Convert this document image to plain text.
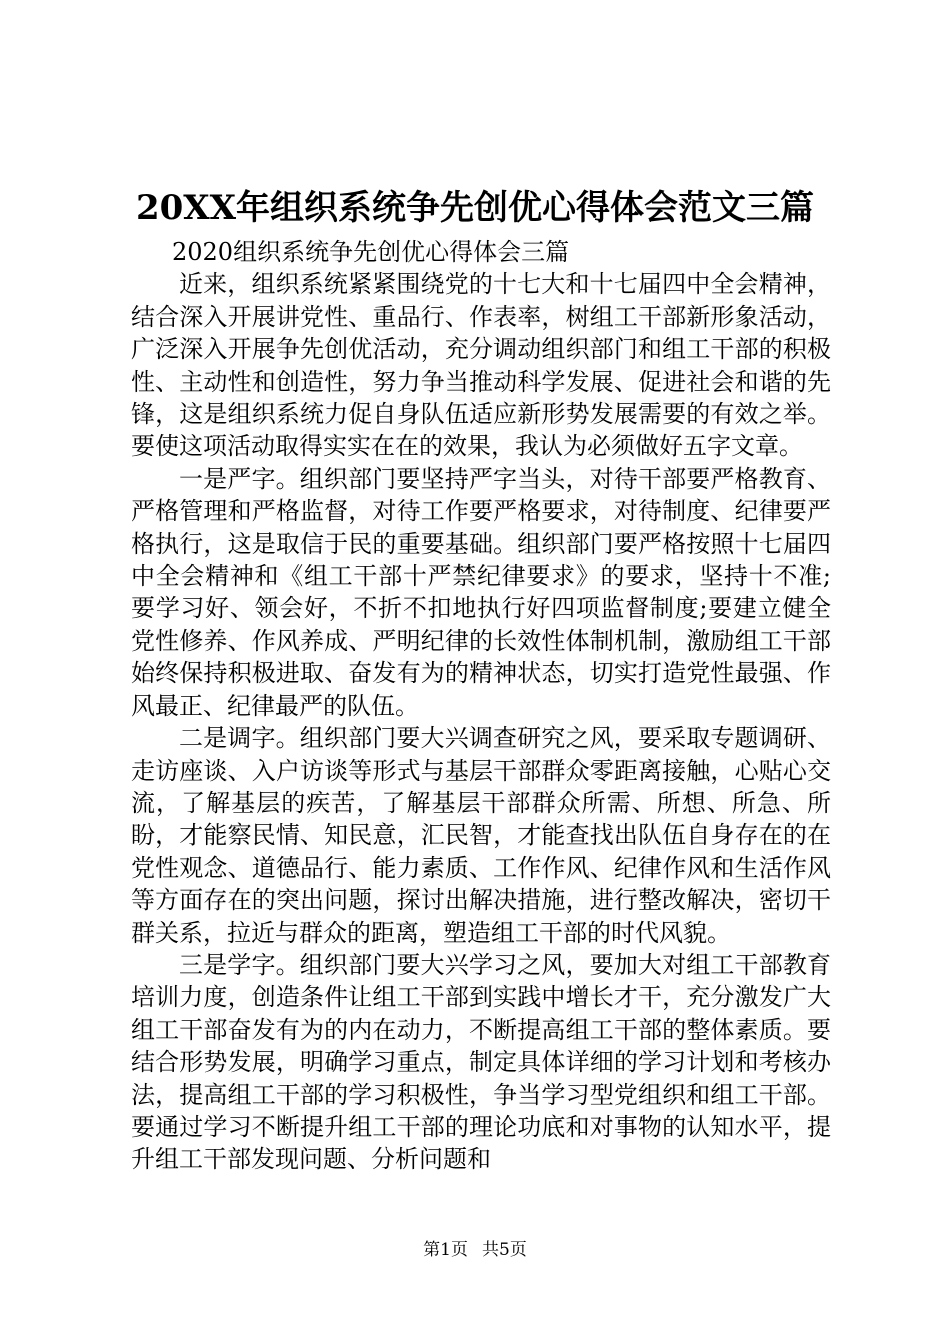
20XX年组织系统争先创优心得体会范文三篇

2020组织系统争先创优心得体会三篇

近来，组织系统紧紧围绕党的十七大和十七届四中全会精神，结合深入开展讲党性、重品行、作表率，树组工干部新形象活动，广泛深入开展争先创优活动，充分调动组织部门和组工干部的积极性、主动性和创造性，努力争当推动科学发展、促进社会和谐的先锋，这是组织系统力促自身队伍适应新形势发展需要的有效之举。要使这项活动取得实实在在的效果，我认为必须做好五字文章。

一是严字。组织部门要坚持严字当头，对待干部要严格教育、严格管理和严格监督，对待工作要严格要求，对待制度、纪律要严格执行，这是取信于民的重要基础。组织部门要严格按照十七届四中全会精神和《组工干部十严禁纪律要求》的要求，坚持十不准;要学习好、领会好，不折不扣地执行好四项监督制度;要建立健全党性修养、作风养成、严明纪律的长效性体制机制，激励组工干部始终保持积极进取、奋发有为的精神状态，切实打造党性最强、作风最正、纪律最严的队伍。

二是调字。组织部门要大兴调查研究之风，要采取专题调研、走访座谈、入户访谈等形式与基层干部群众零距离接触，心贴心交流，了解基层的疾苦，了解基层干部群众所需、所想、所急、所盼，才能察民情、知民意，汇民智，才能查找出队伍自身存在的在党性观念、道德品行、能力素质、工作作风、纪律作风和生活作风等方面存在的突出问题，探讨出解决措施，进行整改解决，密切干群关系，拉近与群众的距离，塑造组工干部的时代风貌。

三是学字。组织部门要大兴学习之风，要加大对组工干部教育培训力度，创造条件让组工干部到实践中增长才干，充分激发广大组工干部奋发有为的内在动力，不断提高组工干部的整体素质。要结合形势发展，明确学习重点，制定具体详细的学习计划和考核办法，提高组工干部的学习积极性，争当学习型党组织和组工干部。要通过学习不断提升组工干部的理论功底和对事物的认知水平，提升组工干部发现问题、分析问题和

第1页 共5页
